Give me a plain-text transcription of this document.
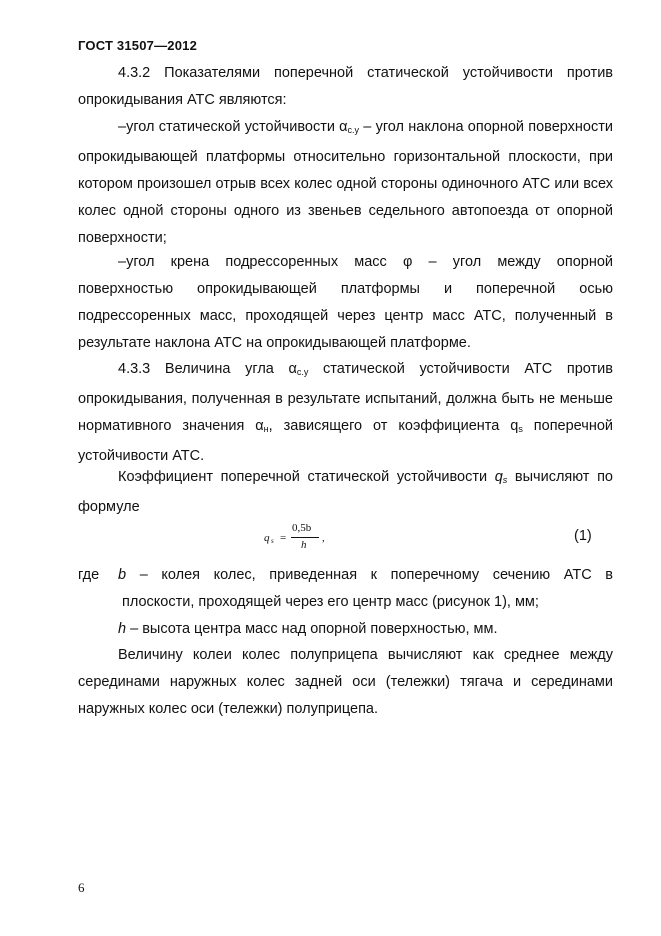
ГОСТ 31507—2012
4.3.2 Показателями поперечной статической устойчивости против опрокидывания АТС являются:
–угол статической устойчивости $\alpha_{с.у}$ – угол наклона опорной поверхности опрокидывающей платформы относительно горизонтальной плоскости, при котором произошел отрыв всех колес одной стороны одиночного АТС или всех колес одной стороны одного из звеньев седельного автопоезда от опорной поверхности;
–угол крена подрессоренных масс φ – угол между опорной поверхностью опрокидывающей платформы и поперечной осью подрессоренных масс, проходящей через центр масс АТС, полученный в результате наклона АТС на опрокидывающей платформе.
4.3.3 Величина угла $\alpha_{с.у}$ статической устойчивости АТС против опрокидывания, полученная в результате испытаний, должна быть не меньше нормативного значения $\alpha_н$, зависящего от коэффициента $q_s$ поперечной устойчивости АТС.
Коэффициент поперечной статической устойчивости $q_s$ вычисляют по формуле
q s =
0,5b
h
,	(1)
где b – колея колес, приведенная к поперечному сечению АТС в
плоскости, проходящей через его центр масс (рисунок 1), мм;
h – высота центра масс над опорной поверхностью, мм.
Величину колеи колес полуприцепа вычисляют как среднее между серединами наружных колес задней оси (тележки) тягача и серединами наружных колес оси (тележки) полуприцепа.
6
